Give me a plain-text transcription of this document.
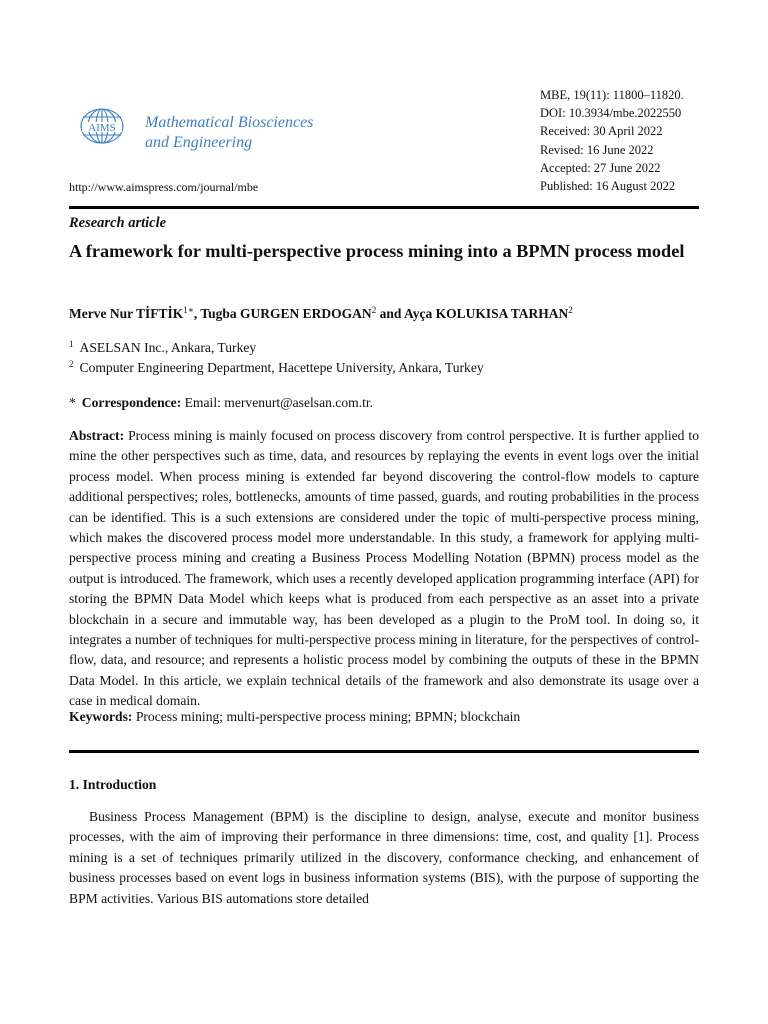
AIMS Mathematical Biosciences
and Engineering
http://www.aimspress.com/journal/mbe
MBE, 19(11): 11800–11820.
DOI: 10.3934/mbe.2022550
Received: 30 April 2022
Revised: 16 June 2022
Accepted: 27 June 2022
Published: 16 August 2022
Research article
A framework for multi-perspective process mining into a BPMN process model
Merve Nur $TİFTİK^{1∗}$, Tugba GURGEN ERDOGAN$^2$ and Ayça KOLUKISA TARHAN$^2$
$^1$ ASELSAN Inc., Ankara, Turkey
$^2$ Computer Engineering Department, Hacettepe University, Ankara, Turkey
* Correspondence: Email: mervenurt@aselsan.com.tr.
Abstract: Process mining is mainly focused on process discovery from control perspective. It is further applied to mine the other perspectives such as time, data, and resources by replaying the events in event logs over the initial process model. When process mining is extended far beyond discovering the control-flow models to capture additional perspectives; roles, bottlenecks, amounts of time passed, guards, and routing probabilities in the process can be identified. This is a such extensions are considered under the topic of multi-perspective process mining, which makes the discovered process model more understandable. In this study, a framework for applying multi-perspective process mining and creating a Business Process Modelling Notation (BPMN) process model as the output is introduced. The framework, which uses a recently developed application programming interface (API) for storing the BPMN Data Model which keeps what is produced from each perspective as an asset into a private blockchain in a secure and immutable way, has been developed as a plugin to the ProM tool. In doing so, it integrates a number of techniques for multi-perspective process mining in literature, for the perspectives of control-flow, data, and resource; and represents a holistic process model by combining the outputs of these in the BPMN Data Model. In this article, we explain technical details of the framework and also demonstrate its usage over a case in medical domain.
Keywords: Process mining; multi-perspective process mining; BPMN; blockchain
1. Introduction
Business Process Management (BPM) is the discipline to design, analyse, execute and monitor business processes, with the aim of improving their performance in three dimensions: time, cost, and quality [1]. Process mining is a set of techniques primarily utilized in the discovery, conformance checking, and enhancement of business processes based on event logs in business information systems (BIS), with the purpose of supporting the BPM activities. Various BIS automations store detailed
